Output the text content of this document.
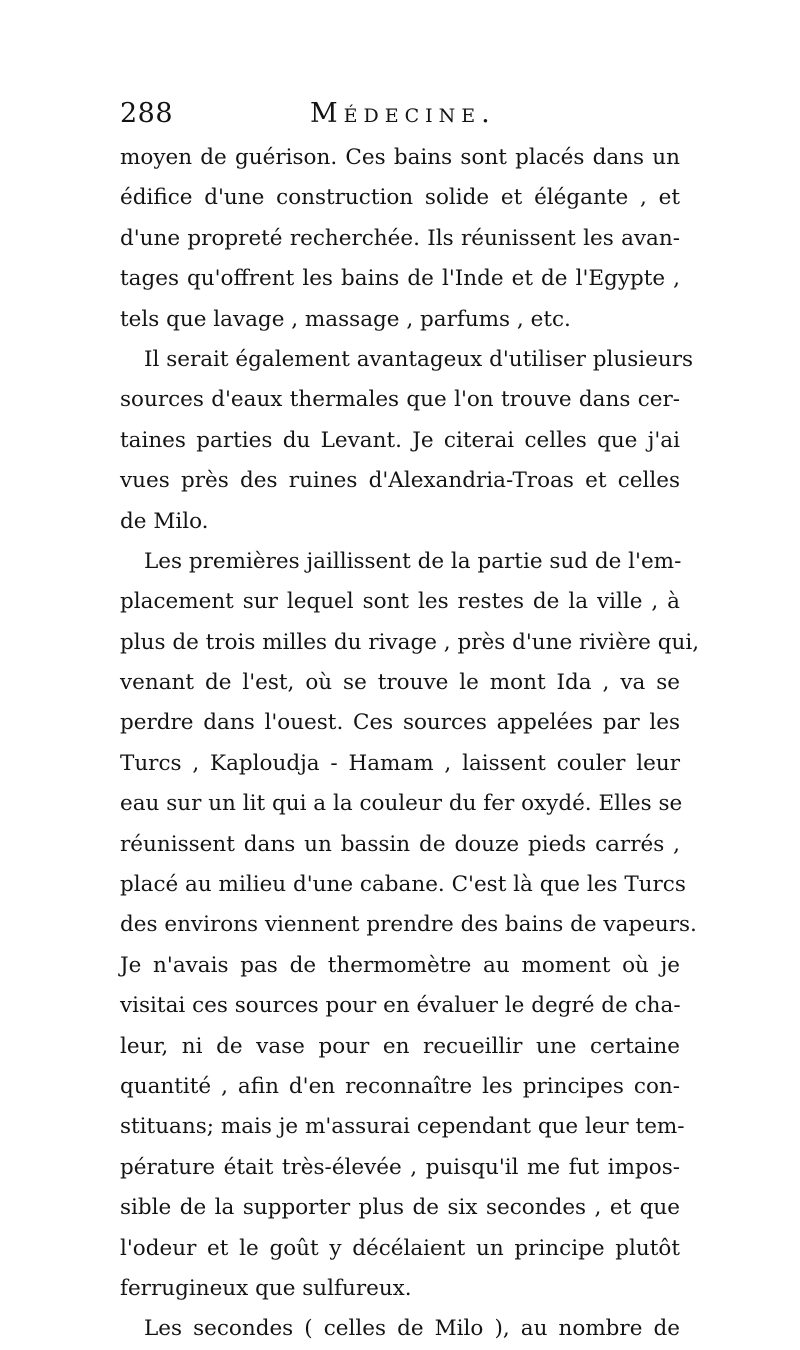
288	Médecine.
moyen de guérison. Ces bains sont placés dans un
édifice d'une construction solide et élégante , et
d'une propreté recherchée. Ils réunissent les avan-
tages qu'offrent les bains de l'Inde et de l'Egypte ,
tels que lavage , massage , parfums , etc.
Il serait également avantageux d'utiliser plusieurs
sources d'eaux thermales que l'on trouve dans cer-
taines parties du Levant. Je citerai celles que j'ai
vues près des ruines d'Alexandria-Troas et celles
de Milo.
Les premières jaillissent de la partie sud de l'em-
placement sur lequel sont les restes de la ville , à
plus de trois milles du rivage , près d'une rivière qui,
venant de l'est, où se trouve le mont Ida , va se
perdre dans l'ouest. Ces sources appelées par les
Turcs , Kaploudja - Hamam , laissent couler leur
eau sur un lit qui a la couleur du fer oxydé. Elles se
réunissent dans un bassin de douze pieds carrés ,
placé au milieu d'une cabane. C'est là que les Turcs
des environs viennent prendre des bains de vapeurs.
Je n'avais pas de thermomètre au moment où je
visitai ces sources pour en évaluer le degré de cha-
leur, ni de vase pour en recueillir une certaine
quantité , afin d'en reconnaître les principes con-
stituans; mais je m'assurai cependant que leur tem-
pérature était très-élevée , puisqu'il me fut impos-
sible de la supporter plus de six secondes , et que
l'odeur et le goût y décélaient un principe plutôt
ferrugineux que sulfureux.
Les secondes ( celles de Milo ), au nombre de
